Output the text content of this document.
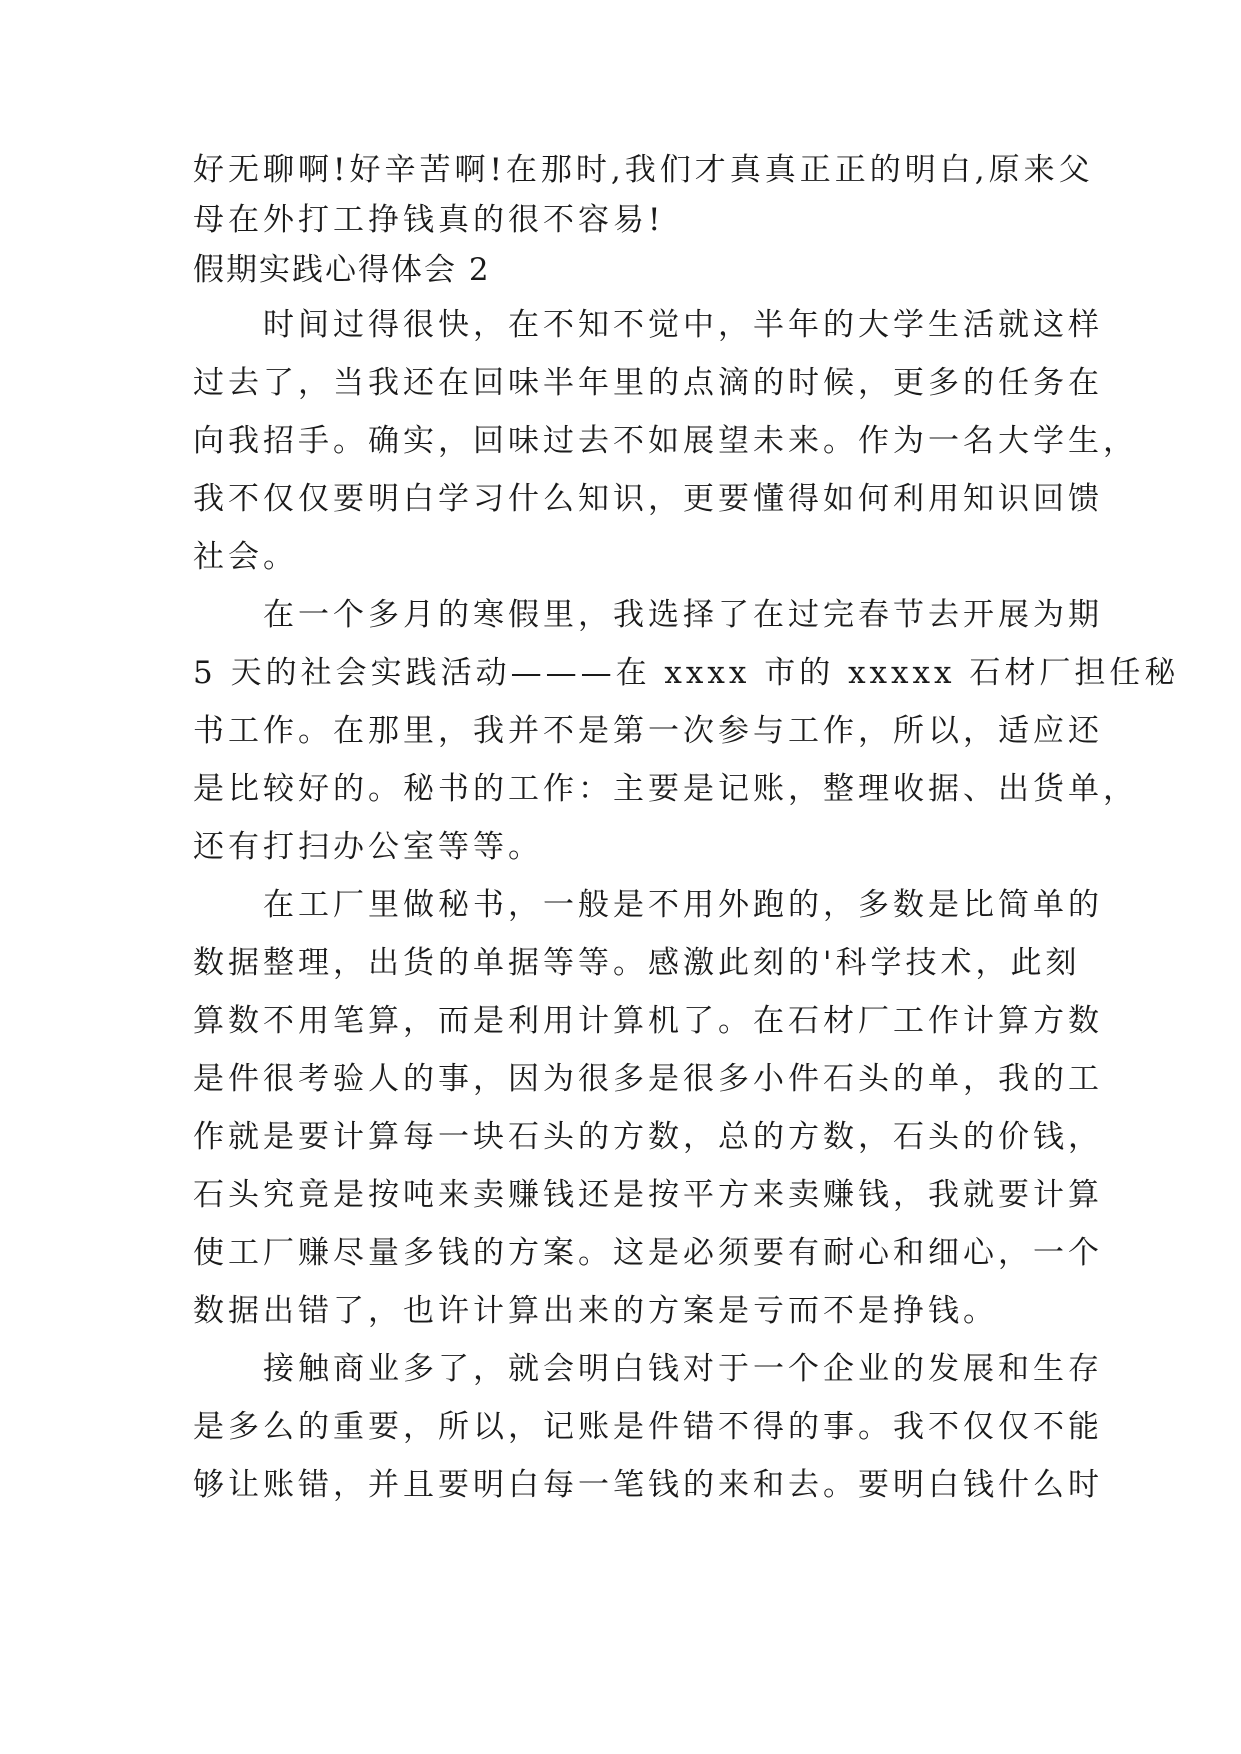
好无聊啊!好辛苦啊!在那时,我们才真真正正的明白,原来父
母在外打工挣钱真的很不容易!
假期实践心得体会 2
　　时间过得很快，在不知不觉中，半年的大学生活就这样
过去了，当我还在回味半年里的点滴的时候，更多的任务在
向我招手。确实，回味过去不如展望未来。作为一名大学生，
我不仅仅要明白学习什么知识，更要懂得如何利用知识回馈
社会。
　　在一个多月的寒假里，我选择了在过完春节去开展为期
5 天的社会实践活动———在 xxxx 市的 xxxxx 石材厂担任秘
书工作。在那里，我并不是第一次参与工作，所以，适应还
是比较好的。秘书的工作：主要是记账，整理收据、出货单，
还有打扫办公室等等。
　　在工厂里做秘书，一般是不用外跑的，多数是比简单的
数据整理，出货的单据等等。感激此刻的'科学技术，此刻
算数不用笔算，而是利用计算机了。在石材厂工作计算方数
是件很考验人的事，因为很多是很多小件石头的单，我的工
作就是要计算每一块石头的方数，总的方数，石头的价钱，
石头究竟是按吨来卖赚钱还是按平方来卖赚钱，我就要计算
使工厂赚尽量多钱的方案。这是必须要有耐心和细心，一个
数据出错了，也许计算出来的方案是亏而不是挣钱。
　　接触商业多了，就会明白钱对于一个企业的发展和生存
是多么的重要，所以，记账是件错不得的事。我不仅仅不能
够让账错，并且要明白每一笔钱的来和去。要明白钱什么时
